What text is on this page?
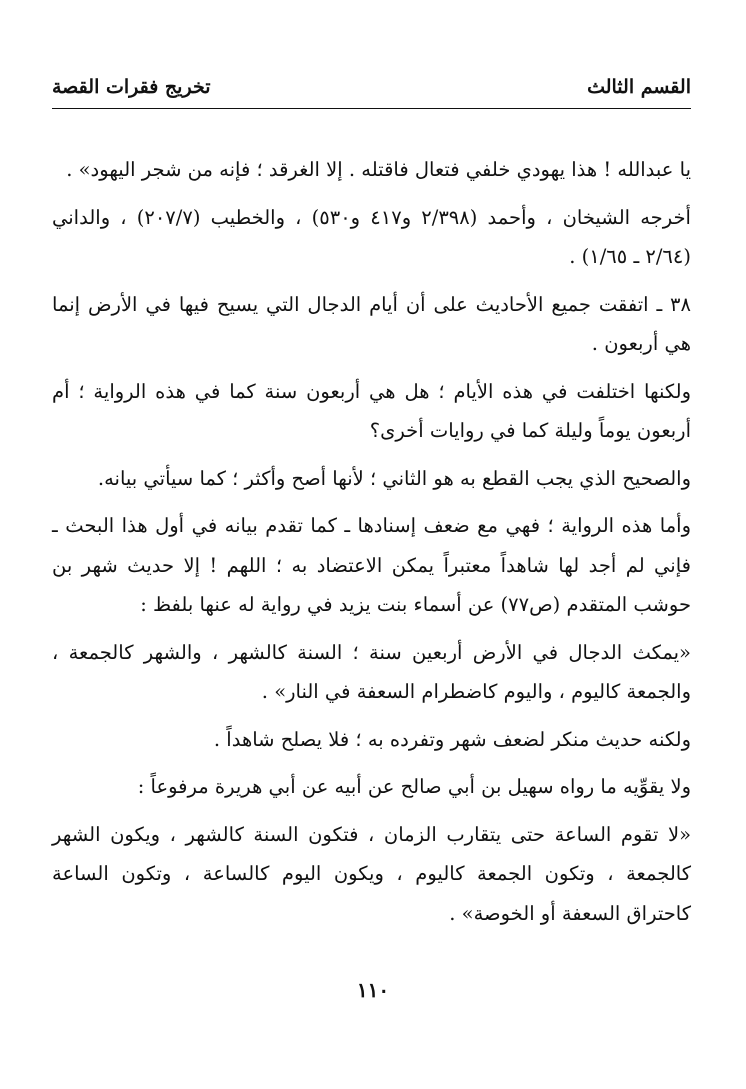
القسم الثالث
تخريج فقرات القصة

يا عبدالله ! هذا يهودي خلفي فتعال فاقتله . إلا الغرقد ؛ فإنه من شجر اليهود» .

أخرجه الشيخان ، وأحمد (٢/٣٩٨ و٤١٧ و٥٣٠) ، والخطيب (٢٠٧/٧) ، والداني (٢/٦٤ ـ ١/٦٥) .

٣٨ ـ اتفقت جميع الأحاديث على أن أيام الدجال التي يسيح فيها في الأرض إنما هي أربعون .

ولكنها اختلفت في هذه الأيام ؛ هل هي أربعون سنة كما في هذه الرواية ؛ أم أربعون يوماً وليلة كما في روايات أخرى؟

والصحيح الذي يجب القطع به هو الثاني ؛ لأنها أصح وأكثر ؛ كما سيأتي بيانه.

وأما هذه الرواية ؛ فهي مع ضعف إسنادها ـ كما تقدم بيانه في أول هذا البحث ـ فإني لم أجد لها شاهداً معتبراً يمكن الاعتضاد به ؛ اللهم ! إلا حديث شهر بن حوشب المتقدم (ص٧٧) عن أسماء بنت يزيد في رواية له عنها بلفظ :

«يمكث الدجال في الأرض أربعين سنة ؛ السنة كالشهر ، والشهر كالجمعة ، والجمعة كاليوم ، واليوم كاضطرام السعفة في النار» .

ولكنه حديث منكر لضعف شهر وتفرده به ؛ فلا يصلح شاهداً .

ولا يقوِّيه ما رواه سهيل بن أبي صالح عن أبيه عن أبي هريرة مرفوعاً :

«لا تقوم الساعة حتى يتقارب الزمان ، فتكون السنة كالشهر ، ويكون الشهر كالجمعة ، وتكون الجمعة كاليوم ، ويكون اليوم كالساعة ، وتكون الساعة كاحتراق السعفة أو الخوصة» .

١١٠
